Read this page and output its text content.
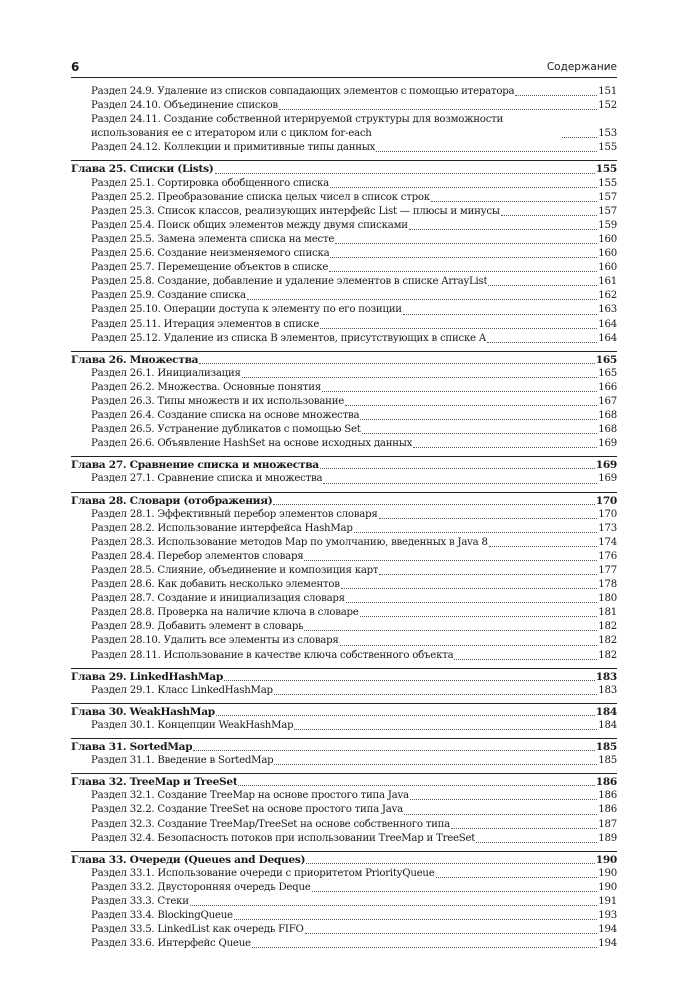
6	Содержание
Раздел 24.9. Удаление из списков совпадающих элементов с помощью итератора	151
Раздел 24.10. Объединение списков	152
Раздел 24.11. Создание собственной итерируемой структуры для возможности использования ее с итератором или с циклом for-each	153
Раздел 24.12. Коллекции и примитивные типы данных	155
Глава 25. Списки (Lists)	155
Раздел 25.1. Сортировка обобщенного списка	155
Раздел 25.2. Преобразование списка целых чисел в список строк	157
Раздел 25.3. Список классов, реализующих интерфейс List — плюсы и минусы	157
Раздел 25.4. Поиск общих элементов между двумя списками	159
Раздел 25.5. Замена элемента списка на месте	160
Раздел 25.6. Создание неизменяемого списка	160
Раздел 25.7. Перемещение объектов в списке	160
Раздел 25.8. Создание, добавление и удаление элементов в списке ArrayList	161
Раздел 25.9. Создание списка	162
Раздел 25.10. Операции доступа к элементу по его позиции	163
Раздел 25.11. Итерация элементов в списке	164
Раздел 25.12. Удаление из списка B элементов, присутствующих в списке A	164
Глава 26. Множества	165
Раздел 26.1. Инициализация	165
Раздел 26.2. Множества. Основные понятия	166
Раздел 26.3. Типы множеств и их использование	167
Раздел 26.4. Создание списка на основе множества	168
Раздел 26.5. Устранение дубликатов с помощью Set	168
Раздел 26.6. Объявление HashSet на основе исходных данных	169
Глава 27. Сравнение списка и множества	169
Раздел 27.1. Сравнение списка и множества	169
Глава 28. Словари (отображения)	170
Раздел 28.1. Эффективный перебор элементов словаря	170
Раздел 28.2. Использование интерфейса HashMap	173
Раздел 28.3. Использование методов Map по умолчанию, введенных в Java 8	174
Раздел 28.4. Перебор элементов словаря	176
Раздел 28.5. Слияние, объединение и композиция карт	177
Раздел 28.6. Как добавить несколько элементов	178
Раздел 28.7. Создание и инициализация словаря	180
Раздел 28.8. Проверка на наличие ключа в словаре	181
Раздел 28.9. Добавить элемент в словарь	182
Раздел 28.10. Удалить все элементы из словаря	182
Раздел 28.11. Использование в качестве ключа собственного объекта	182
Глава 29. LinkedHashMap	183
Раздел 29.1. Класс LinkedHashMap	183
Глава 30. WeakHashMap	184
Раздел 30.1. Концепции WeakHashMap	184
Глава 31. SortedMap	185
Раздел 31.1. Введение в SortedMap	185
Глава 32. TreeMap и TreeSet	186
Раздел 32.1. Создание TreeMap на основе простого типа Java	186
Раздел 32.2. Создание TreeSet на основе простого типа Java	186
Раздел 32.3. Создание TreeMap/TreeSet на основе собственного типа	187
Раздел 32.4. Безопасность потоков при использовании TreeMap и TreeSet	189
Глава 33. Очереди (Queues and Deques)	190
Раздел 33.1. Использование очереди с приоритетом PriorityQueue	190
Раздел 33.2. Двусторонняя очередь Deque	190
Раздел 33.3. Стеки	191
Раздел 33.4. BlockingQueue	193
Раздел 33.5. LinkedList как очередь FIFO	194
Раздел 33.6. Интерфейс Queue	194
